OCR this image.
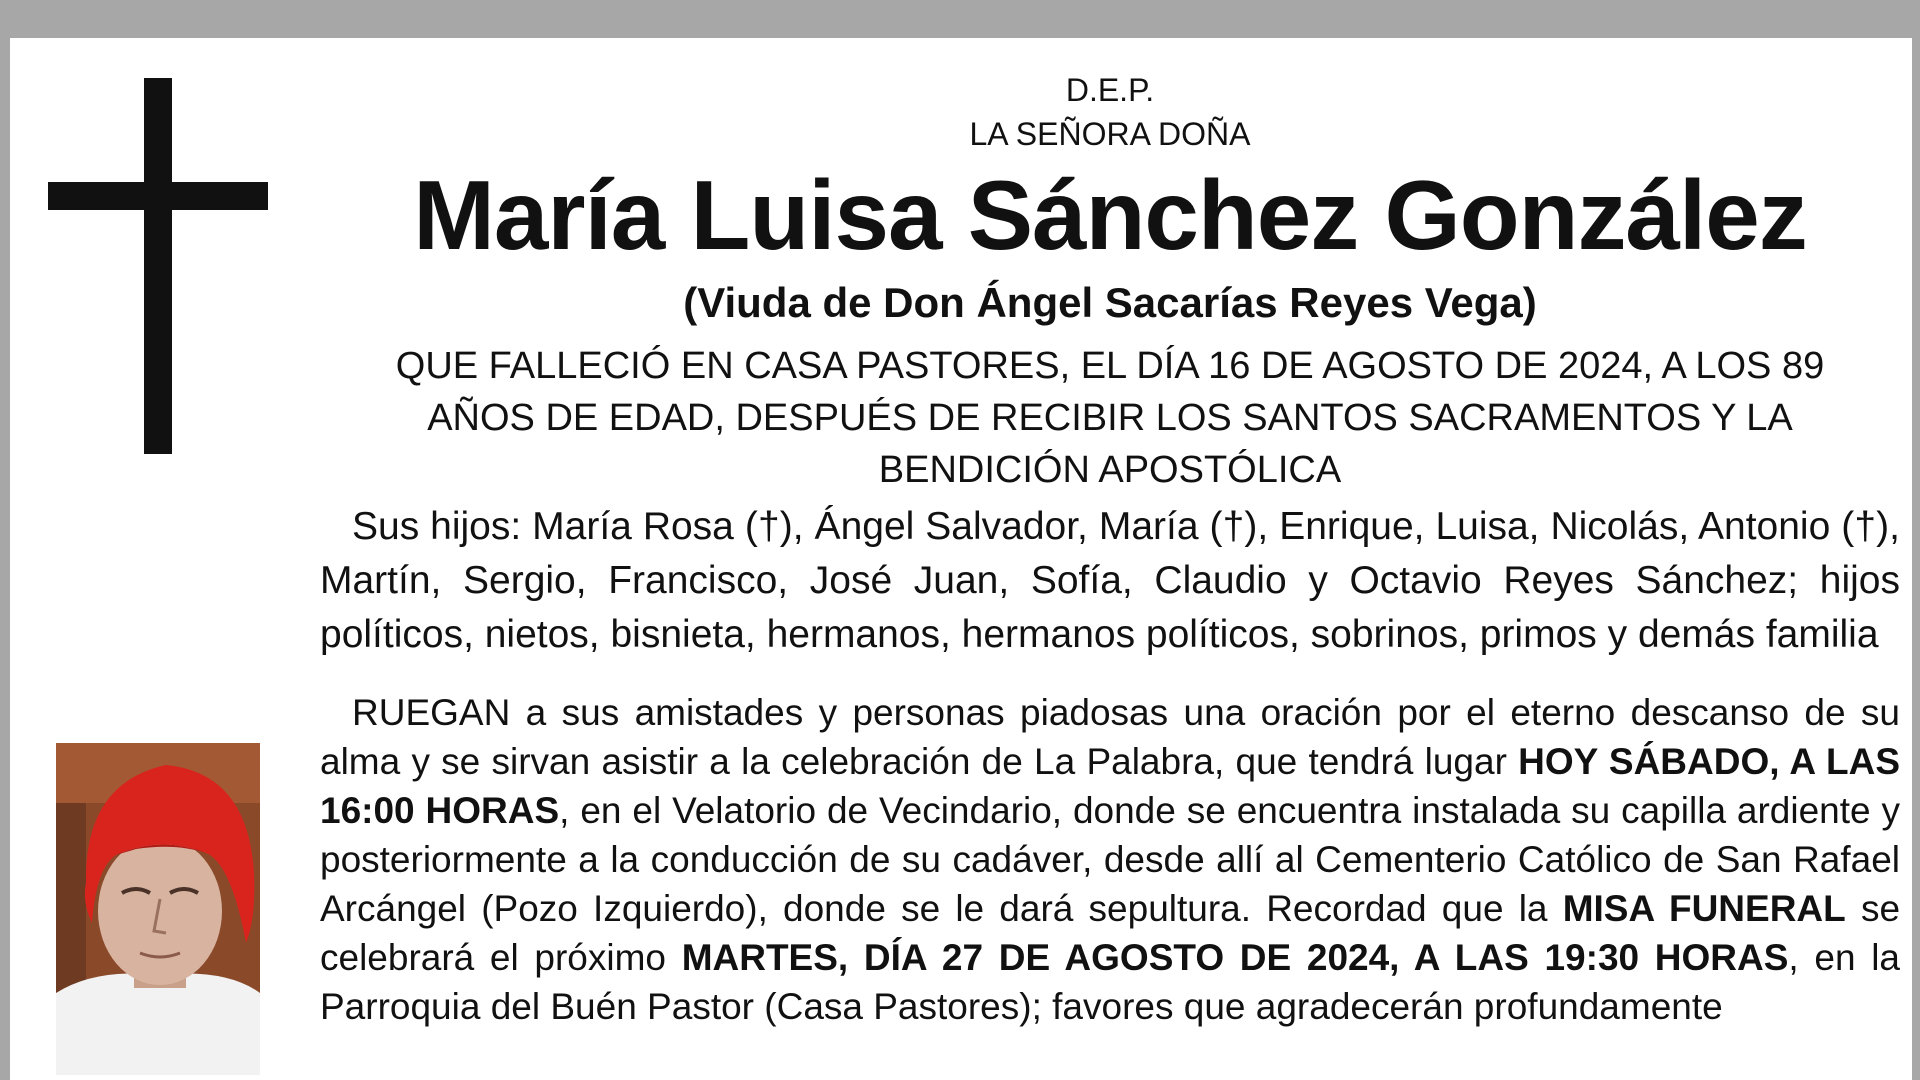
D.E.P.

LA SEÑORA DOÑA

María Luisa Sánchez González

(Viuda de Don Ángel Sacarías Reyes Vega)

QUE FALLECIÓ EN CASA PASTORES, EL DÍA 16 DE AGOSTO DE 2024, A LOS 89 AÑOS DE EDAD, DESPUÉS DE RECIBIR LOS SANTOS SACRAMENTOS Y LA BENDICIÓN APOSTÓLICA

Sus hijos: María Rosa (†), Ángel Salvador, María (†), Enrique, Luisa, Nicolás, Antonio (†), Martín, Sergio, Francisco, José Juan, Sofía, Claudio y Octavio Reyes Sánchez; hijos políticos, nietos, bisnieta, hermanos, hermanos políticos, sobrinos, primos y demás familia

RUEGAN a sus amistades y personas piadosas una oración por el eterno descanso de su alma y se sirvan asistir a la celebración de La Palabra, que tendrá lugar HOY SÁBADO, A LAS 16:00 HORAS, en el Velatorio de Vecindario, donde se encuentra instalada su capilla ardiente y posteriormente a la conducción de su cadáver, desde allí al Cementerio Católico de San Rafael Arcángel (Pozo Izquierdo), donde se le dará sepultura. Recordad que la MISA FUNERAL se celebrará el próximo MARTES, DÍA 27 DE AGOSTO DE 2024, A LAS 19:30 HORAS, en la Parroquia del Buén Pastor (Casa Pastores); favores que agradecerán profundamente
